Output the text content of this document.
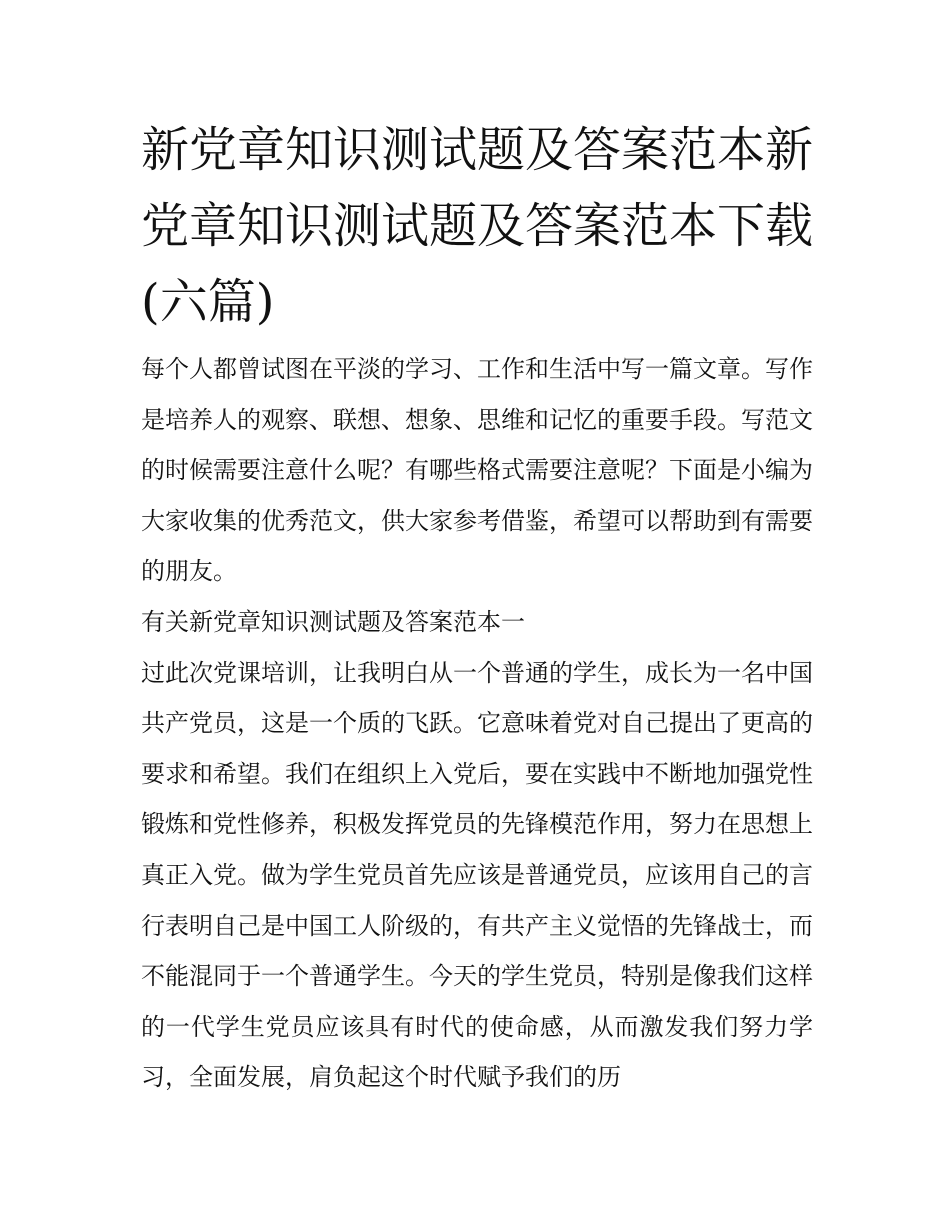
新党章知识测试题及答案范本新党章知识测试题及答案范本下载(六篇)

每个人都曾试图在平淡的学习、工作和生活中写一篇文章。写作是培养人的观察、联想、想象、思维和记忆的重要手段。写范文的时候需要注意什么呢？有哪些格式需要注意呢？下面是小编为大家收集的优秀范文，供大家参考借鉴，希望可以帮助到有需要的朋友。

有关新党章知识测试题及答案范本一

过此次党课培训，让我明白从一个普通的学生，成长为一名中国共产党员，这是一个质的飞跃。它意味着党对自己提出了更高的要求和希望。我们在组织上入党后，要在实践中不断地加强党性锻炼和党性修养，积极发挥党员的先锋模范作用，努力在思想上真正入党。做为学生党员首先应该是普通党员，应该用自己的言行表明自己是中国工人阶级的，有共产主义觉悟的先锋战士，而不能混同于一个普通学生。今天的学生党员，特别是像我们这样的一代学生党员应该具有时代的使命感，从而激发我们努力学习，全面发展，肩负起这个时代赋予我们的历
